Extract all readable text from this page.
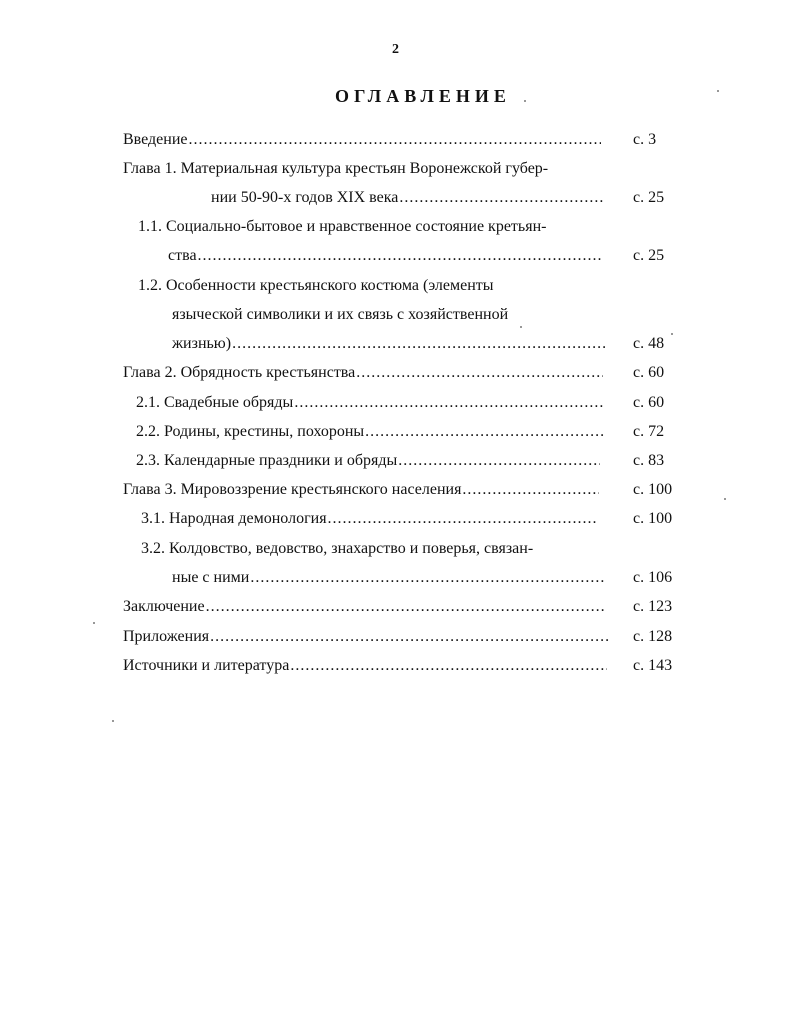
2
ОГЛАВЛЕНИЕ
Введение .....	с. 3
Глава 1. Материальная культура крестьян Воронежской губер-
нии 50-90-х годов XIX века .....	с. 25
1.1. Социально-бытовое и нравственное состояние кретьян-
ства .....	с. 25
1.2. Особенности крестьянского костюма (элементы
языческой символики и их связь с хозяйственной
жизнью) .....	с. 48
Глава 2. Обрядность крестьянства .....	с. 60
2.1. Свадебные обряды .....	с. 60
2.2. Родины, крестины, похороны .....	с. 72
2.3. Календарные праздники и обряды .....	с. 83
Глава 3. Мировоззрение крестьянского населения .....	с. 100
3.1. Народная демонология .....	с. 100
3.2. Колдовство, ведовство, знахарство и поверья, связан-
ные с ними .....	с. 106
Заключение .....	с. 123
Приложения .....	с. 128
Источники и литература .....	с. 143
